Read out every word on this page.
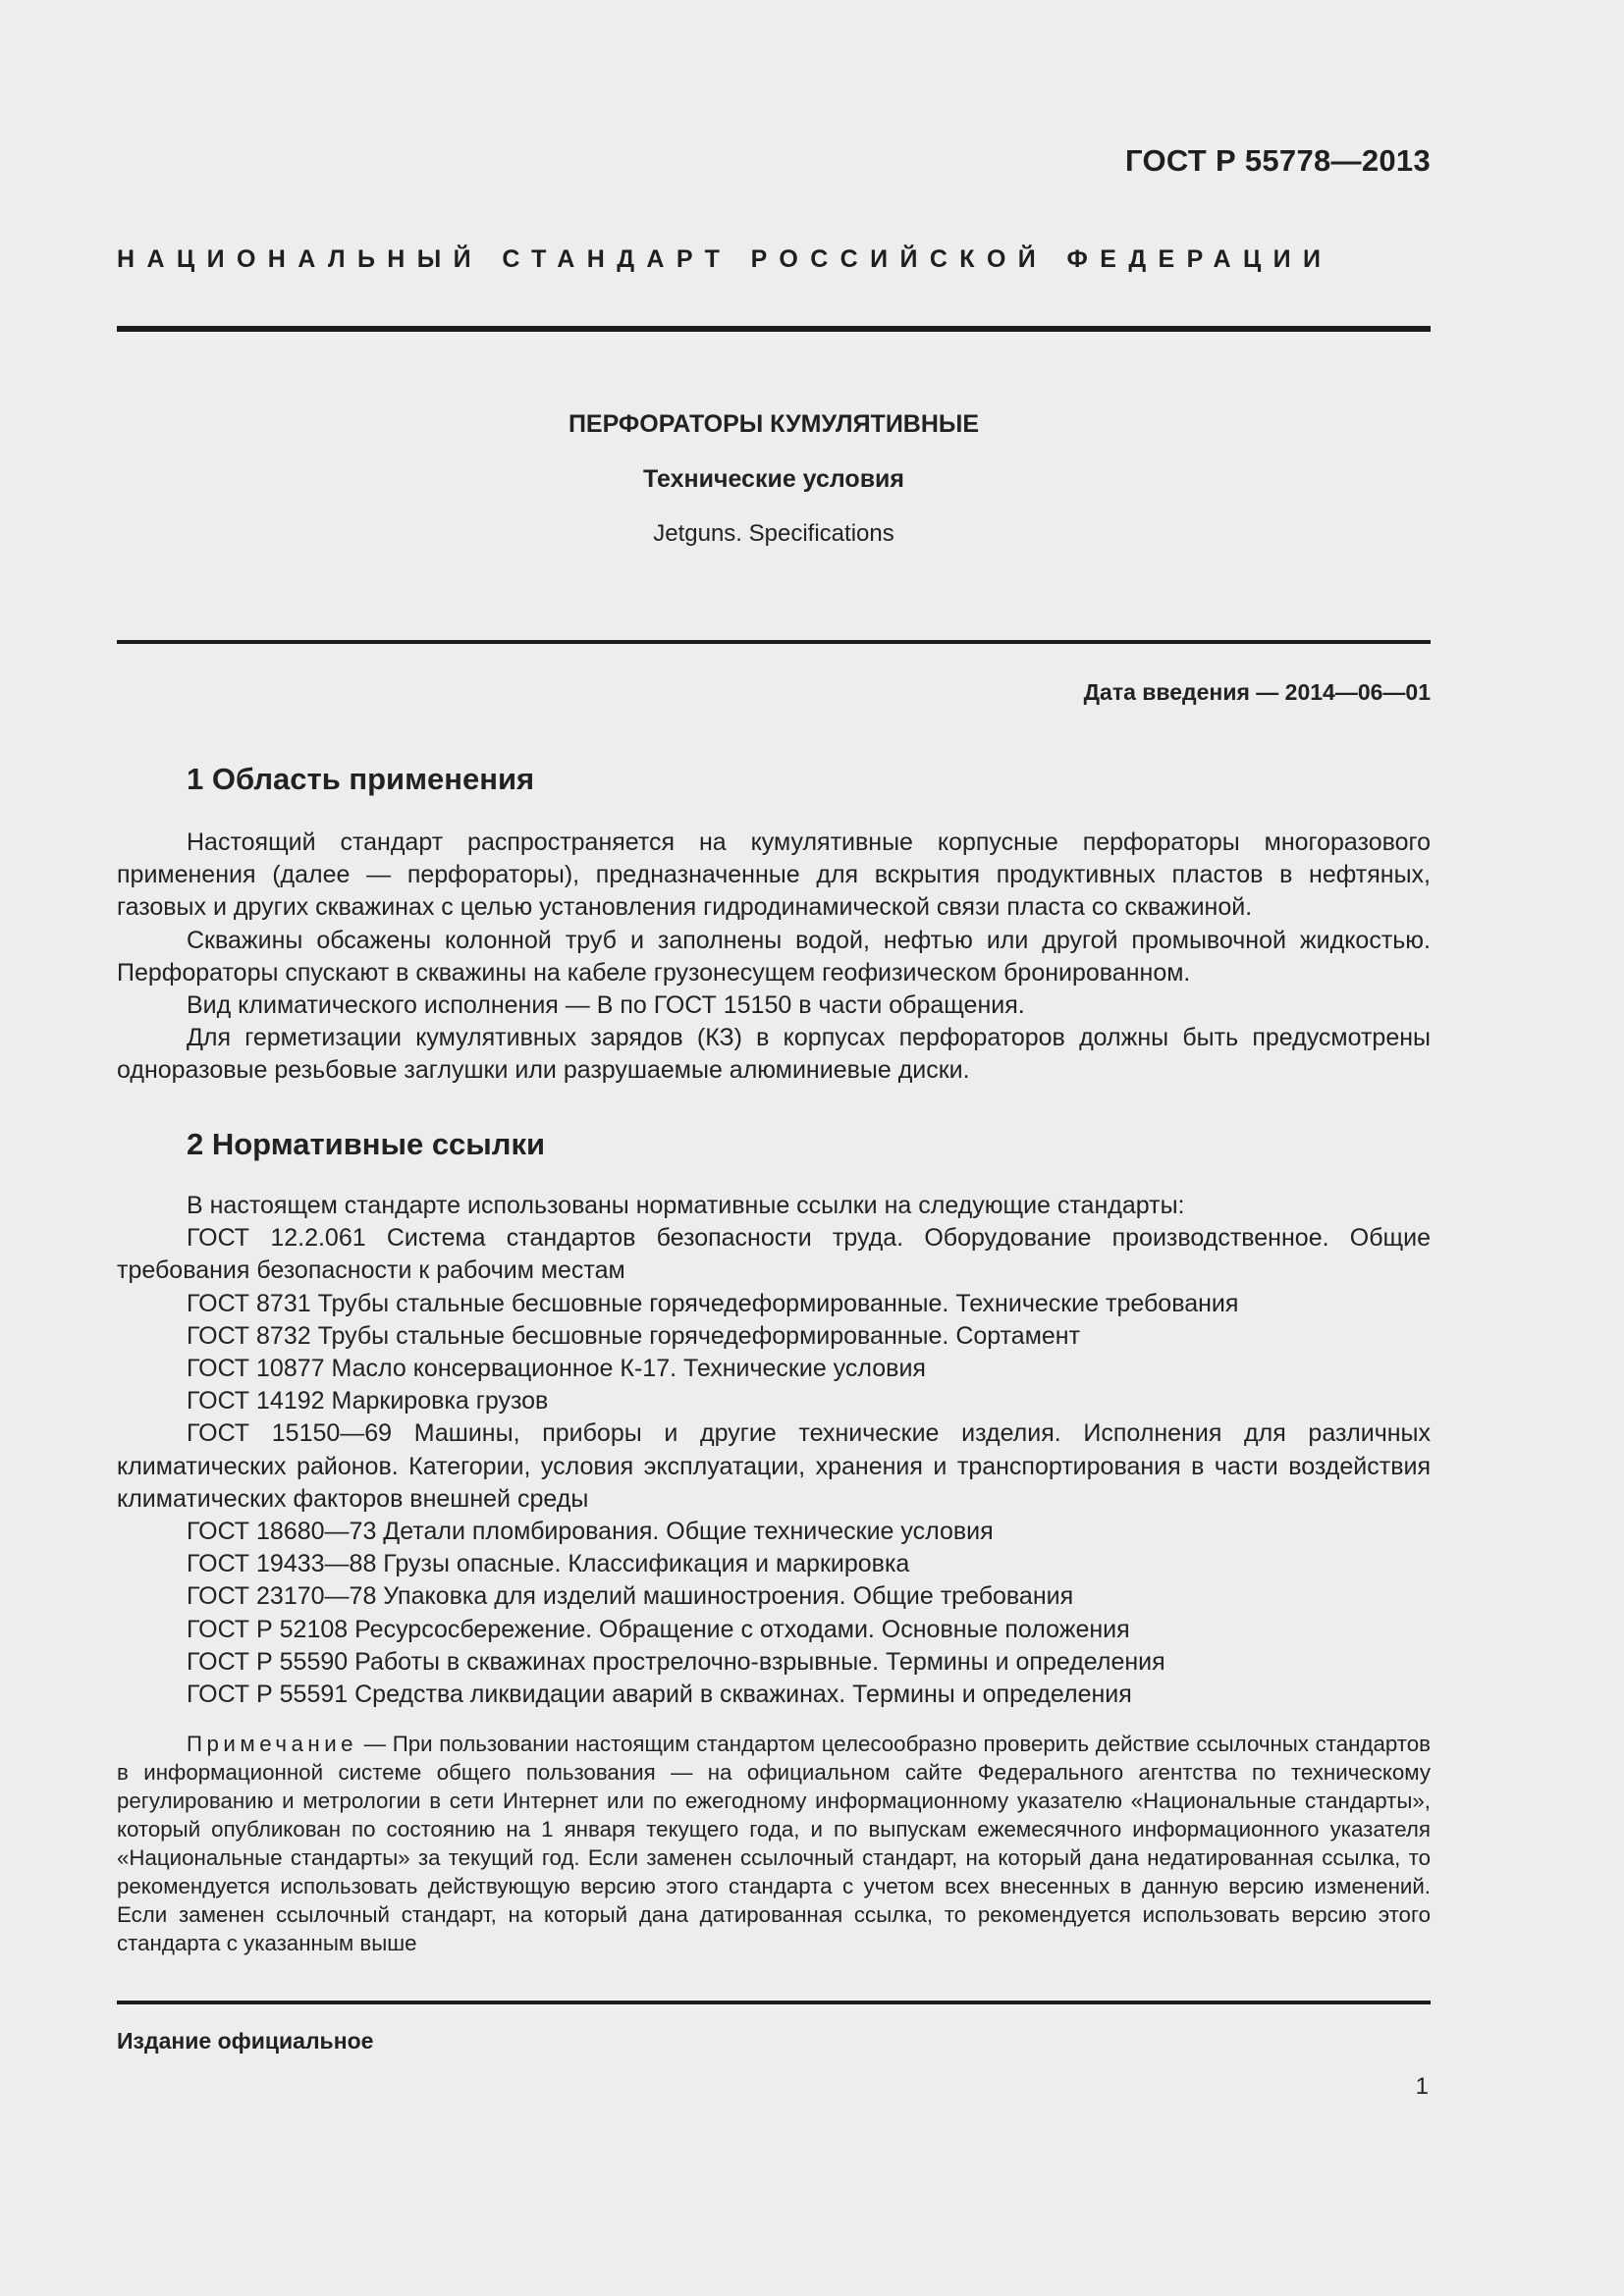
ГОСТ Р 55778—2013
НАЦИОНАЛЬНЫЙ СТАНДАРТ РОССИЙСКОЙ ФЕДЕРАЦИИ
ПЕРФОРАТОРЫ КУМУЛЯТИВНЫЕ
Технические условия
Jetguns. Specifications
Дата введения — 2014—06—01
1 Область применения

Настоящий стандарт распространяется на кумулятивные корпусные перфораторы многоразового применения (далее — перфораторы), предназначенные для вскрытия продуктивных пластов в нефтяных, газовых и других скважинах с целью установления гидродинамической связи пласта со скважиной.

Скважины обсажены колонной труб и заполнены водой, нефтью или другой промывочной жидкостью. Перфораторы спускают в скважины на кабеле грузонесущем геофизическом бронированном.

Вид климатического исполнения — В по ГОСТ 15150 в части обращения.

Для герметизации кумулятивных зарядов (КЗ) в корпусах перфораторов должны быть предусмотрены одноразовые резьбовые заглушки или разрушаемые алюминиевые диски.

2 Нормативные ссылки

В настоящем стандарте использованы нормативные ссылки на следующие стандарты:

ГОСТ 12.2.061 Система стандартов безопасности труда. Оборудование производственное. Общие требования безопасности к рабочим местам

ГОСТ 8731 Трубы стальные бесшовные горячедеформированные. Технические требования

ГОСТ 8732 Трубы стальные бесшовные горячедеформированные. Сортамент

ГОСТ 10877 Масло консервационное К-17. Технические условия

ГОСТ 14192 Маркировка грузов

ГОСТ 15150—69 Машины, приборы и другие технические изделия. Исполнения для различных климатических районов. Категории, условия эксплуатации, хранения и транспортирования в части воздействия климатических факторов внешней среды

ГОСТ 18680—73 Детали пломбирования. Общие технические условия

ГОСТ 19433—88 Грузы опасные. Классификация и маркировка

ГОСТ 23170—78 Упаковка для изделий машиностроения. Общие требования

ГОСТ Р 52108 Ресурсосбережение. Обращение с отходами. Основные положения

ГОСТ Р 55590 Работы в скважинах прострелочно-взрывные. Термины и определения

ГОСТ Р 55591 Средства ликвидации аварий в скважинах. Термины и определения

Примечание — При пользовании настоящим стандартом целесообразно проверить действие ссылочных стандартов в информационной системе общего пользования — на официальном сайте Федерального агентства по техническому регулированию и метрологии в сети Интернет или по ежегодному информационному указателю «Национальные стандарты», который опубликован по состоянию на 1 января текущего года, и по выпускам ежемесячного информационного указателя «Национальные стандарты» за текущий год. Если заменен ссылочный стандарт, на который дана недатированная ссылка, то рекомендуется использовать действующую версию этого стандарта с учетом всех внесенных в данную версию изменений. Если заменен ссылочный стандарт, на который дана датированная ссылка, то рекомендуется использовать версию этого стандарта с указанным выше

Издание официальное
1
